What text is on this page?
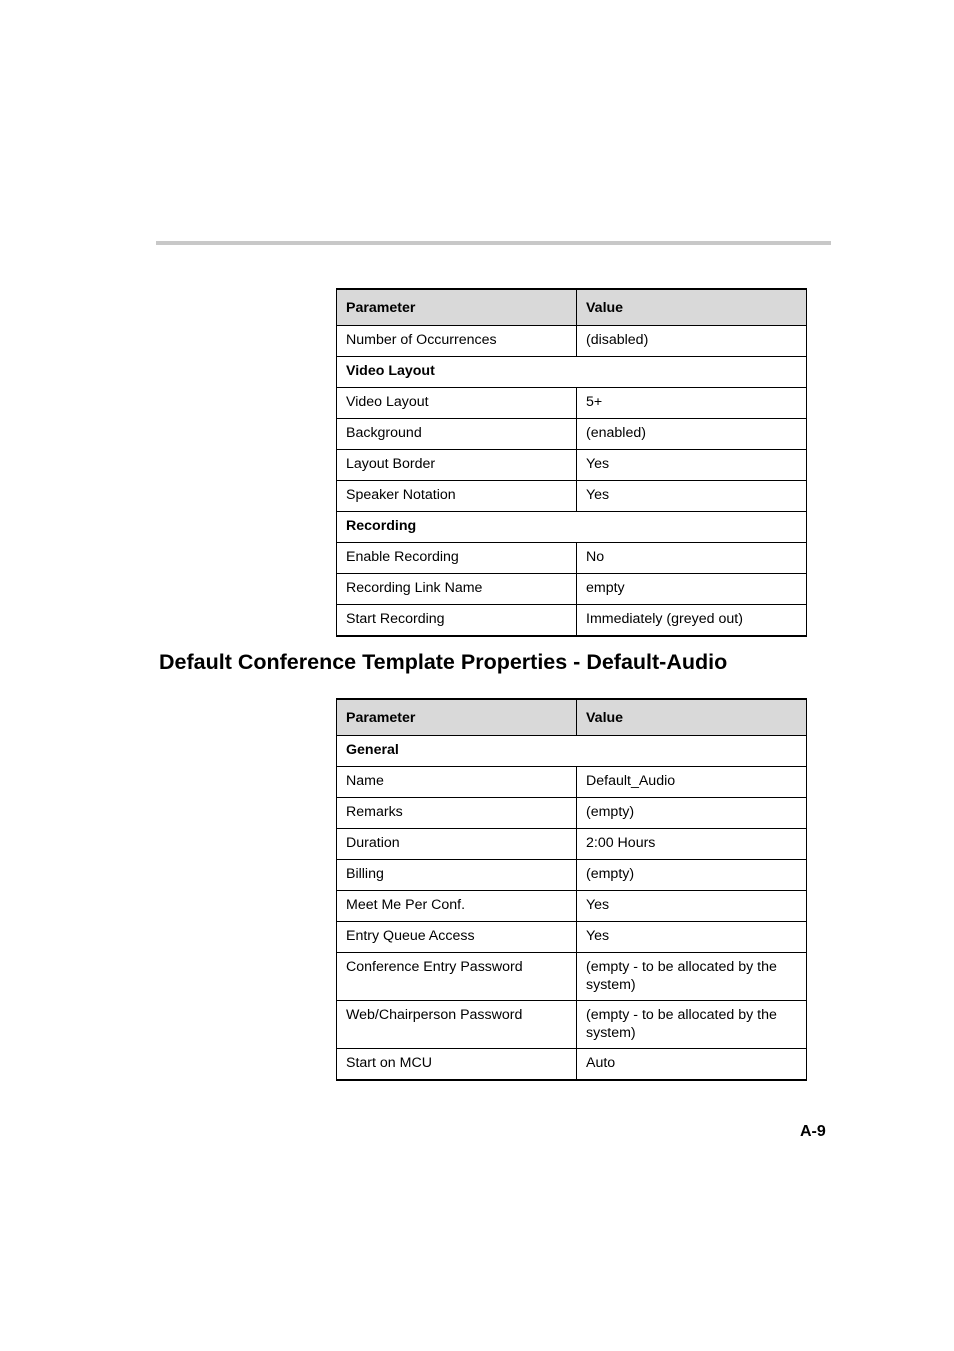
Parameter	Value
Number of Occurrences	(disabled)
Video Layout	
Video Layout	5+
Background	(enabled)
Layout Border	Yes
Speaker Notation	Yes
Recording	
Enable Recording	No
Recording Link Name	empty
Start Recording	Immediately (greyed out)
Default Conference Template Properties - Default-Audio
Parameter	Value
General	
Name	Default_Audio
Remarks	(empty)
Duration	2:00 Hours
Billing	(empty)
Meet Me Per Conf.	Yes
Entry Queue Access	Yes
Conference Entry Password	(empty - to be allocated by the system)
Web/Chairperson Password	(empty - to be allocated by the system)
Start on MCU	Auto
A-9
